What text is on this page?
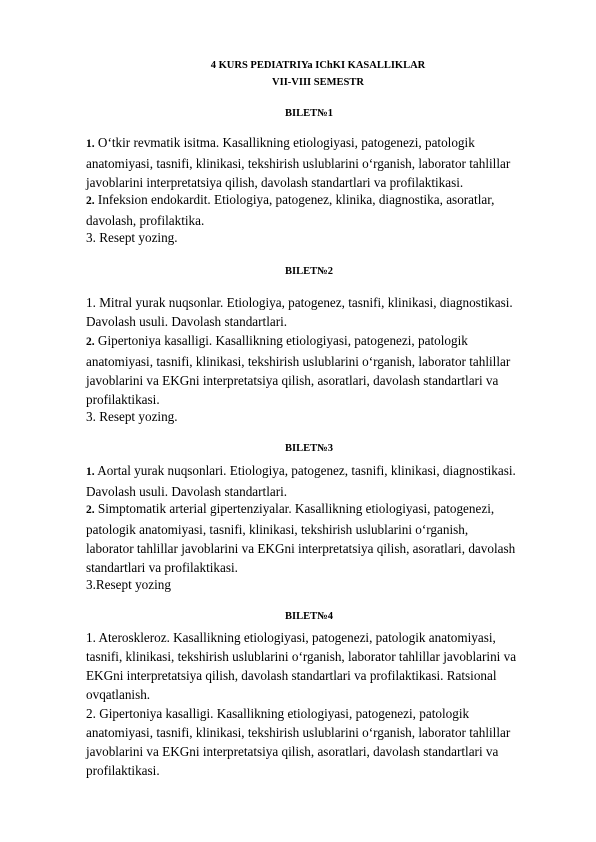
4 KURS PEDIATRIYa IChKI KASALLIKLAR
VII-VIII SEMESTR
BILET№1
1. O‘tkir revmatik isitma. Kasallikning etiologiyasi, patogenezi, patologik
anatomiyasi, tasnifi, klinikasi, tekshirish uslublarini o‘rganish, laborator tahlillar
javoblarini interpretatsiya qilish, davolash standartlari va profilaktikasi.
2. Infeksion endokardit. Etiologiya, patogenez, klinika, diagnostika, asoratlar,
davolash, profilaktika.
3. Resept yozing.
BILET№2
1. Mitral yurak nuqsonlar. Etiologiya, patogenez, tasnifi, klinikasi, diagnostikasi.
Davolash usuli. Davolash standartlari.
2. Gipertoniya kasalligi. Kasallikning etiologiyasi, patogenezi, patologik
anatomiyasi, tasnifi, klinikasi, tekshirish uslublarini o‘rganish, laborator tahlillar
javoblarini va EKGni interpretatsiya qilish, asoratlari, davolash standartlari va
profilaktikasi.
3. Resept yozing.
BILET№3
1. Aortal yurak nuqsonlari. Etiologiya, patogenez, tasnifi, klinikasi, diagnostikasi.
Davolash usuli. Davolash standartlari.
2. Simptomatik arterial gipertenziyalar. Kasallikning etiologiyasi, patogenezi,
patologik anatomiyasi, tasnifi, klinikasi, tekshirish uslublarini o‘rganish,
laborator tahlillar javoblarini va EKGni interpretatsiya qilish, asoratlari, davolash
standartlari va profilaktikasi.
3.Resept yozing
BILET№4
1. Ateroskleroz. Kasallikning etiologiyasi, patogenezi, patologik anatomiyasi,
tasnifi, klinikasi, tekshirish uslublarini o‘rganish, laborator tahlillar javoblarini va
EKGni interpretatsiya qilish, davolash standartlari va profilaktikasi. Ratsional
ovqatlanish.
2. Gipertoniya kasalligi. Kasallikning etiologiyasi, patogenezi, patologik
anatomiyasi, tasnifi, klinikasi, tekshirish uslublarini o‘rganish, laborator tahlillar
javoblarini va EKGni interpretatsiya qilish, asoratlari, davolash standartlari va
profilaktikasi.
